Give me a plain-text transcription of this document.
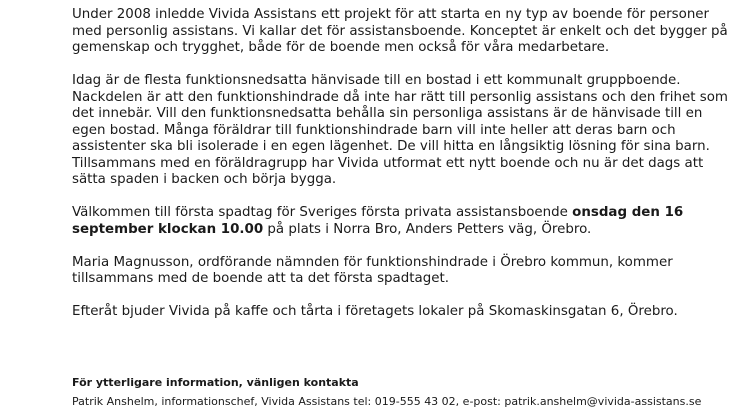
Under 2008 inledde Vivida Assistans ett projekt för att starta en ny typ av boende för personer med personlig assistans. Vi kallar det för assistansboende. Konceptet är enkelt och det bygger på gemenskap och trygghet, både för de boende men också för våra medarbetare.

Idag är de flesta funktionsnedsatta hänvisade till en bostad i ett kommunalt gruppboende. Nackdelen är att den funktionshindrade då inte har rätt till personlig assistans och den frihet som det innebär. Vill den funktionsnedsatta behålla sin personliga assistans är de hänvisade till en egen bostad. Många föräldrar till funktionshindrade barn vill inte heller att deras barn och assistenter ska bli isolerade i en egen lägenhet. De vill hitta en långsiktig lösning för sina barn. Tillsammans med en föräldragrupp har Vivida utformat ett nytt boende och nu är det dags att sätta spaden i backen och börja bygga.

Välkommen till första spadtag för Sveriges första privata assistansboende onsdag den 16 september klockan 10.00 på plats i Norra Bro, Anders Petters väg, Örebro.

Maria Magnusson, ordförande nämnden för funktionshindrade i Örebro kommun, kommer tillsammans med de boende att ta det första spadtaget.

Efteråt bjuder Vivida på kaffe och tårta i företagets lokaler på Skomaskinsgatan 6, Örebro.

För ytterligare information, vänligen kontakta

Patrik Anshelm, informationschef, Vivida Assistans tel: 019-555 43 02, e-post: patrik.anshelm@vivida-assistans.se
